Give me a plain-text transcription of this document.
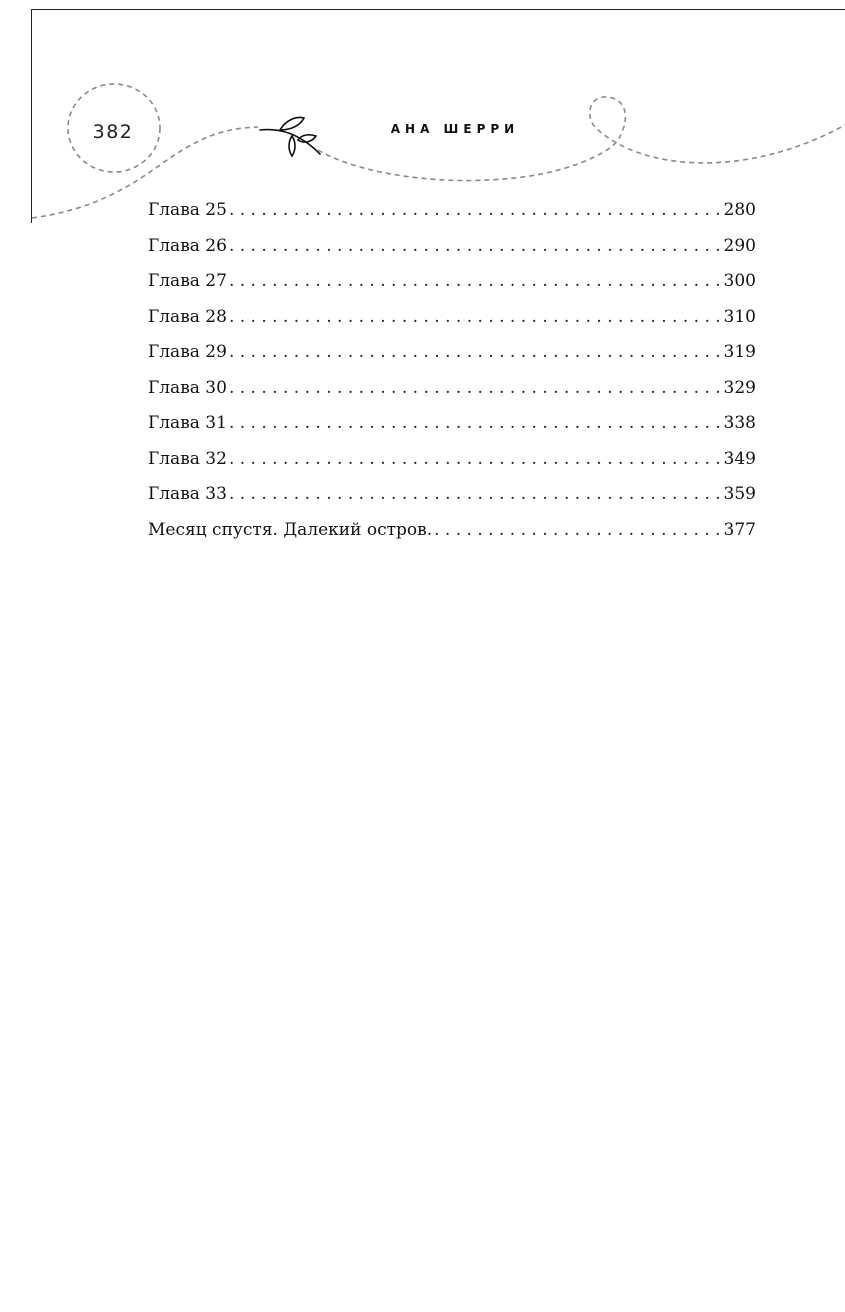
382	АНА ШЕРРИ
Глава 25 . . .	280
Глава 26 . . .	290
Глава 27 . . .	300
Глава 28 . . .	310
Глава 29 . . .	319
Глава 30 . . .	329
Глава 31 . . .	338
Глава 32 . . .	349
Глава 33 . . .	359
Месяц спустя. Далекий остров. . . .	377
